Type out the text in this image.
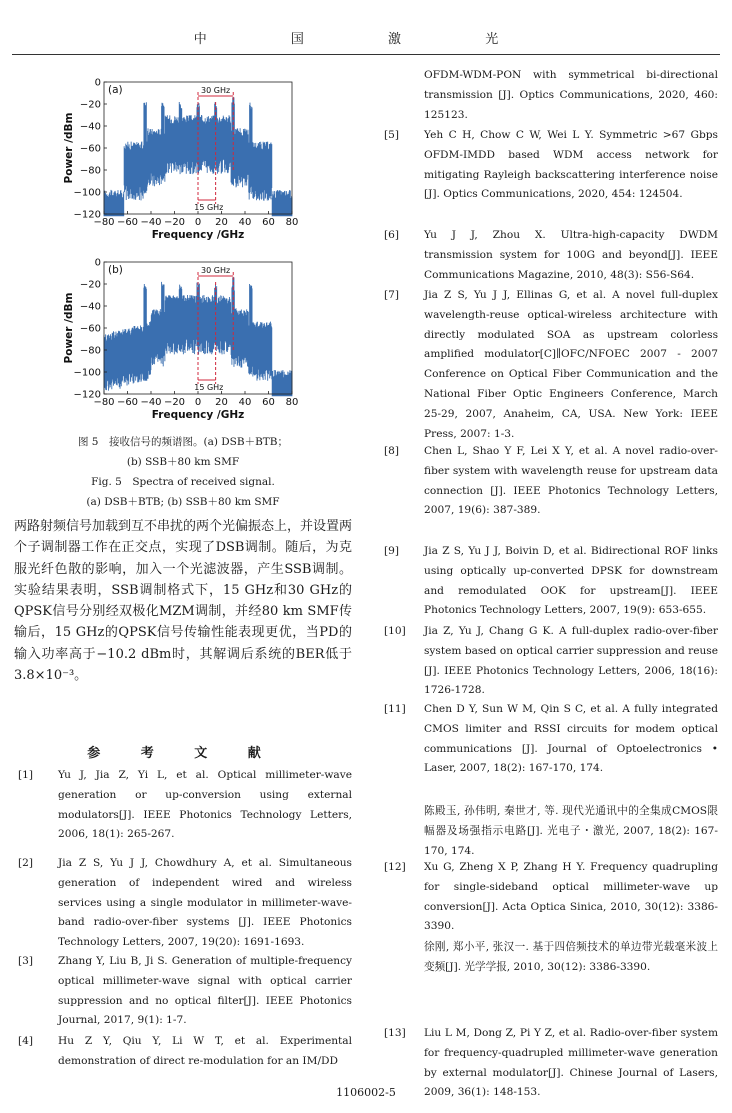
中 国 激 光
−80 −60 −40 −20 0 20 40 60 80
0
−20
−40
−60
−80
−100
−120
Frequency /GHz
Power /dBm
(a)	30 GHz
15 GHz
−80 −60 −40 −20 0 20 40 60 80
0
−20
−40
−60
−80
−100
−120
Frequency /GHz
Power /dBm
(b)	30 GHz
15 GHz
图 5　接收信号的频谱图。(a) DSB＋BTB；
(b) SSB＋80 km SMF
Fig. 5　Spectra of received signal.
(a) DSB＋BTB; (b) SSB＋80 km SMF
两路射频信号加载到互不串扰的两个光偏振态上，并设置两个子调制器工作在正交点，实现了DSB调制。随后，为克服光纤色散的影响，加入一个光滤波器，产生SSB调制。实验结果表明，SSB调制格式下，15 GHz和30 GHz的QPSK信号分别经双极化MZM调制，并经80 km SMF传输后，15 GHz的QPSK信号传输性能表现更优，当PD的输入功率高于−10.2 dBm时，其解调后系统的BER低于3.8×10⁻³。
参 考 文 献
1106002-5
[1]	Yu J, Jia Z, Yi L, et al. Optical millimeter-wave generation or up-conversion using external modulators[J]. IEEE Photonics Technology Letters, 2006, 18(1): 265-267.
[2]	Jia Z S, Yu J J, Chowdhury A, et al. Simultaneous generation of independent wired and wireless services using a single modulator in millimeter-wave-band radio-over-fiber systems [J]. IEEE Photonics Technology Letters, 2007, 19(20): 1691-1693.
[3]	Zhang Y, Liu B, Ji S. Generation of multiple-frequency optical millimeter-wave signal with optical carrier suppression and no optical filter[J]. IEEE Photonics Journal, 2017, 9(1): 1-7.
[4]	Hu Z Y, Qiu Y, Li W T, et al. Experimental demonstration of direct re-modulation for an IM/DD
OFDM-WDM-PON with symmetrical bi-directional transmission [J]. Optics Communications, 2020, 460: 125123.
[5]	Yeh C H, Chow C W, Wei L Y. Symmetric >67 Gbps OFDM-IMDD based WDM access network for mitigating Rayleigh backscattering interference noise [J]. Optics Communications, 2020, 454: 124504.
[6]	Yu J J, Zhou X. Ultra-high-capacity DWDM transmission system for 100G and beyond[J]. IEEE Communications Magazine, 2010, 48(3): S56-S64.
[7]	Jia Z S, Yu J J, Ellinas G, et al. A novel full-duplex wavelength-reuse optical-wireless architecture with directly modulated SOA as upstream colorless amplified modulator[C]∥OFC/NFOEC 2007 - 2007 Conference on Optical Fiber Communication and the National Fiber Optic Engineers Conference, March 25-29, 2007, Anaheim, CA, USA. New York: IEEE Press, 2007: 1-3.
[8]	Chen L, Shao Y F, Lei X Y, et al. A novel radio-over-fiber system with wavelength reuse for upstream data connection [J]. IEEE Photonics Technology Letters, 2007, 19(6): 387-389.
[9]	Jia Z S, Yu J J, Boivin D, et al. Bidirectional ROF links using optically up-converted DPSK for downstream and remodulated OOK for upstream[J]. IEEE Photonics Technology Letters, 2007, 19(9): 653-655.
[10]	Jia Z, Yu J, Chang G K. A full-duplex radio-over-fiber system based on optical carrier suppression and reuse [J]. IEEE Photonics Technology Letters, 2006, 18(16): 1726-1728.
[11]	Chen D Y, Sun W M, Qin S C, et al. A fully integrated CMOS limiter and RSSI circuits for modem optical communications [J]. Journal of Optoelectronics • Laser, 2007, 18(2): 167-170, 174.
陈殿玉, 孙伟明, 秦世才, 等. 现代光通讯中的全集成CMOS限幅器及场强指示电路[J]. 光电子・激光, 2007, 18(2): 167-170, 174.
[12]	Xu G, Zheng X P, Zhang H Y. Frequency quadrupling for single-sideband optical millimeter-wave up conversion[J]. Acta Optica Sinica, 2010, 30(12): 3386-3390.
徐刚, 郑小平, 张汉一. 基于四倍频技术的单边带光载毫米波上变频[J]. 光学学报, 2010, 30(12): 3386-3390.
[13]	Liu L M, Dong Z, Pi Y Z, et al. Radio-over-fiber system for frequency-quadrupled millimeter-wave generation by external modulator[J]. Chinese Journal of Lasers, 2009, 36(1): 148-153.
